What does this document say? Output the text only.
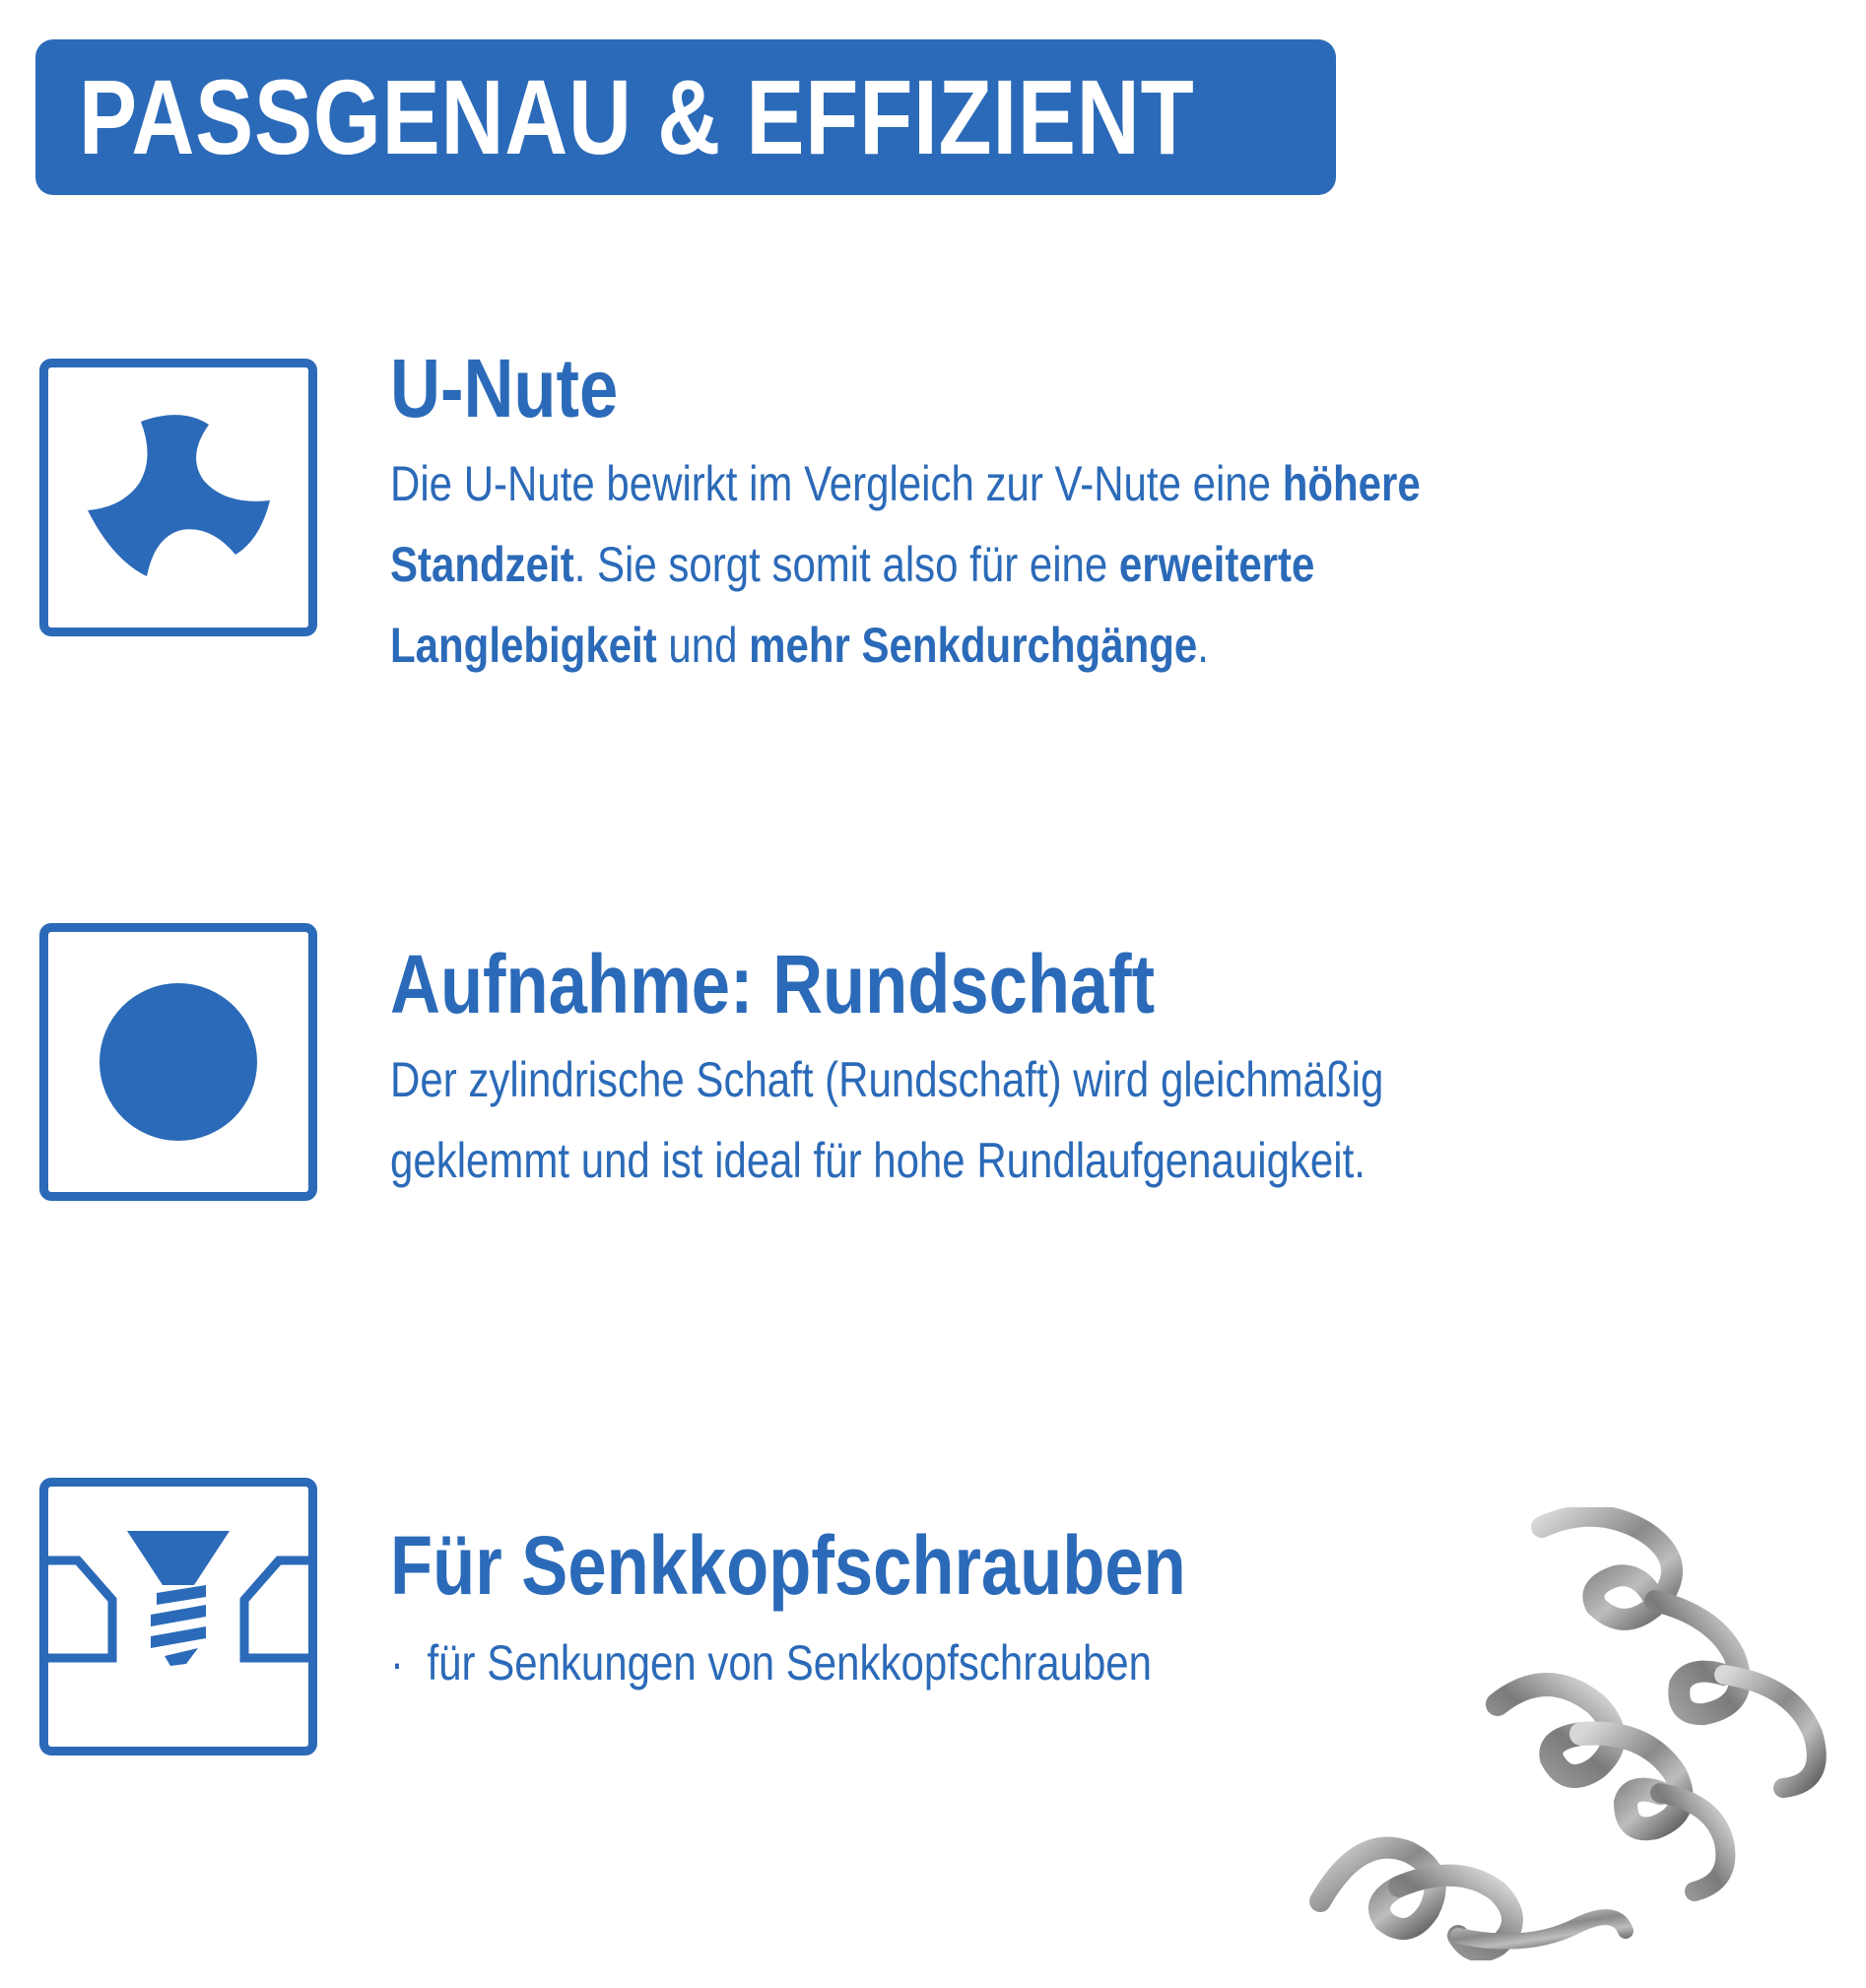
PASSGENAU & EFFIZIENT
U-Nute
Die U-Nute bewirkt im Vergleich zur V-Nute eine höhere Standzeit. Sie sorgt somit also für eine erweiterte Langlebigkeit und mehr Senkdurchgänge.
Aufnahme: Rundschaft
Der zylindrische Schaft (Rundschaft) wird gleichmäßig geklemmt und ist ideal für hohe Rundlaufgenauigkeit.
Für Senkkopfschrauben
· für Senkungen von Senkkopfschrauben
